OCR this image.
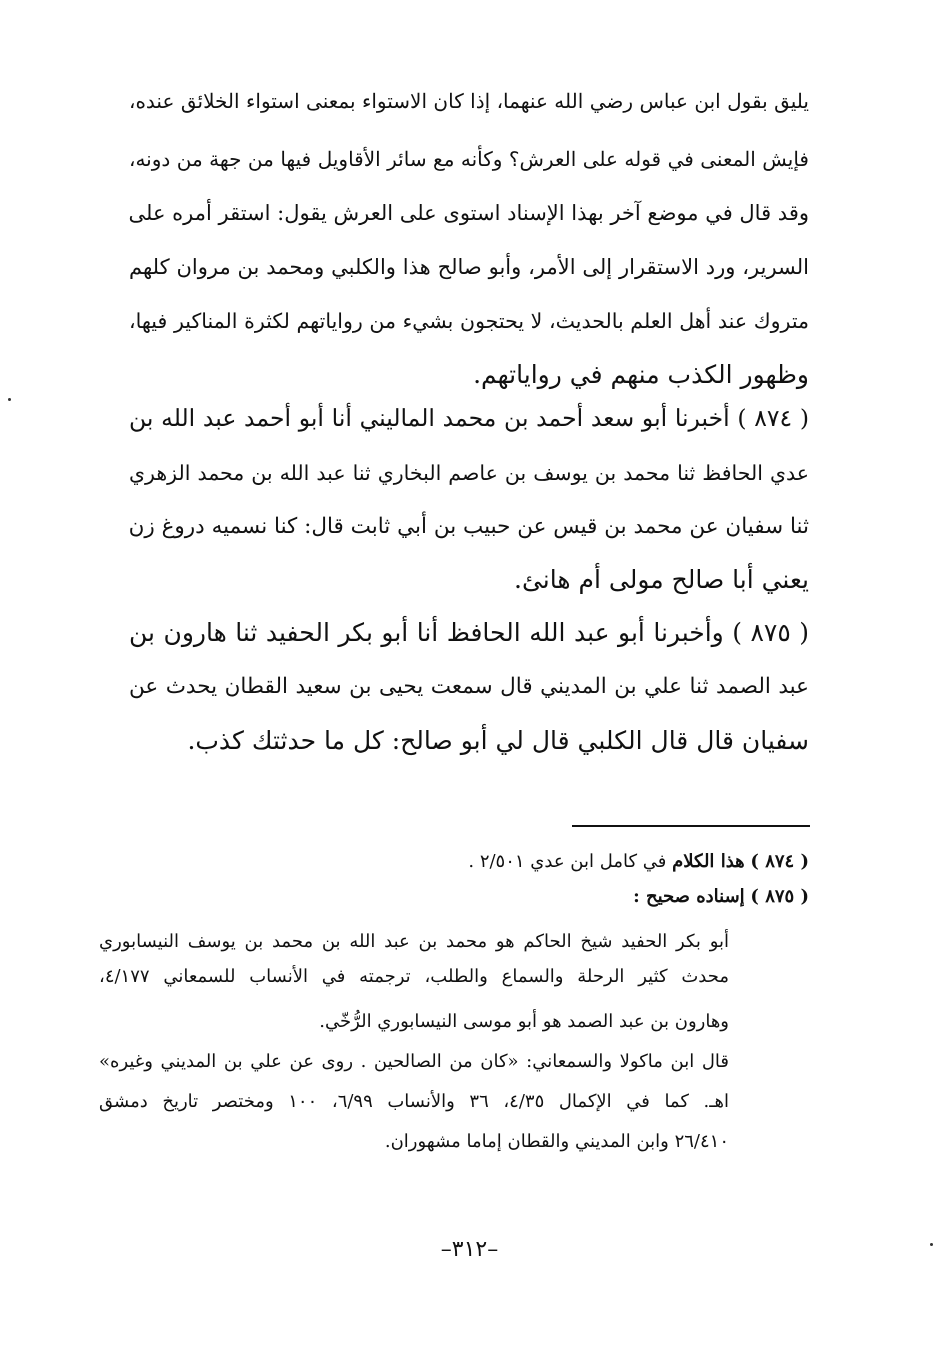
يليق بقول ابن عباس رضي الله عنهما، إذا كان الاستواء بمعنى استواء الخلائق عنده،
فإيش المعنى في قوله على العرش؟ وكأنه مع سائر الأقاويل فيها من جهة من دونه،
وقد قال في موضع آخر بهذا الإسناد استوى على العرش يقول: استقر أمره على
السرير، ورد الاستقرار إلى الأمر، وأبو صالح هذا والكلبي ومحمد بن مروان كلهم
متروك عند أهل العلم بالحديث، لا يحتجون بشيء من رواياتهم لكثرة المناكير فيها،
وظهور الكذب منهم في رواياتهم.
( ٨٧٤ ) أخبرنا أبو سعد أحمد بن محمد الماليني أنا أبو أحمد عبد الله بن
عدي الحافظ ثنا محمد بن يوسف بن عاصم البخاري ثنا عبد الله بن محمد الزهري
ثنا سفيان عن محمد بن قيس عن حبيب بن أبي ثابت قال: كنا نسميه دروغ زن
يعني أبا صالح مولى أم هانئ.
( ٨٧٥ ) وأخبرنا أبو عبد الله الحافظ أنا أبو بكر الحفيد ثنا هارون بن
عبد الصمد ثنا علي بن المديني قال سمعت يحيى بن سعيد القطان يحدث عن
سفيان قال قال الكلبي قال لي أبو صالح: كل ما حدثتك كذب.
( ٨٧٤ ) هذا الكلام في كامل ابن عدي ٢/٥٠١ .
( ٨٧٥ ) إسناده صحيح :
أبو بكر الحفيد شيخ الحاكم هو محمد بن عبد الله بن محمد بن يوسف النيسابوري
محدث كثير الرحلة والسماع والطلب، ترجمته في الأنساب للسمعاني ٤/١٧٧،
وهارون بن عبد الصمد هو أبو موسى النيسابوري الرُّخّي.
قال ابن ماكولا والسمعاني: «كان من الصالحين . روى عن علي بن المديني وغيره»
اهـ. كما في الإكمال ٤/٣٥، ٣٦ والأنساب ٦/٩٩، ١٠٠ ومختصر تاريخ دمشق
٢٦/٤١٠ وابن المديني والقطان إماما مشهوران.
–٣١٢–
